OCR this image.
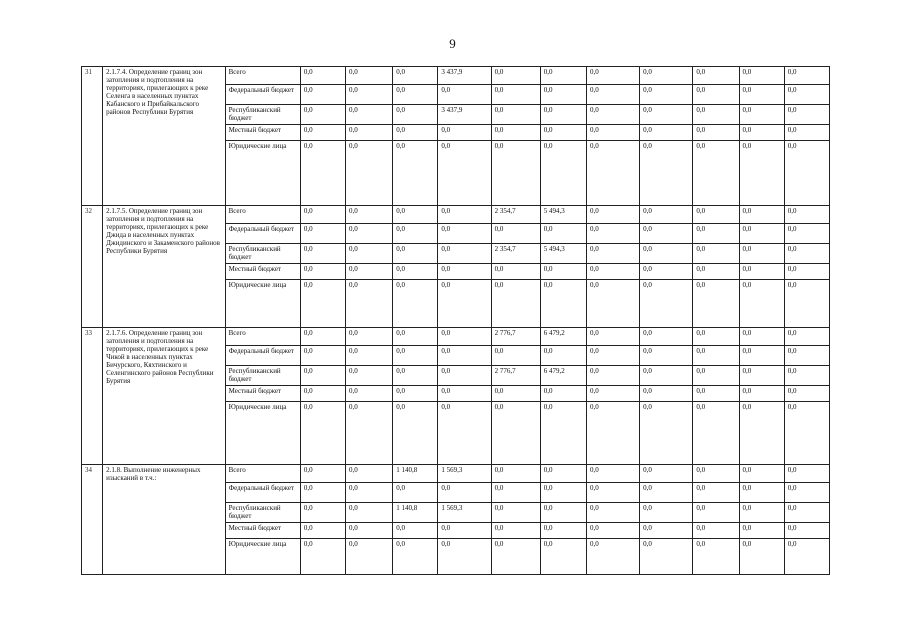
9
31	2.1.7.4. Определение границ зон затопления и подтопления на территориях, прилегающих к реке Селенга в населенных пунктах Кабанского и Прибайкальского районов Республики Бурятия	Всего	0,0	0,0	0,0	3 437,9	0,0	0,0	0,0	0,0	0,0	0,0	0,0
		Федеральный бюджет	0,0	0,0	0,0	0,0	0,0	0,0	0,0	0,0	0,0	0,0	0,0
		Республиканский бюджет	0,0	0,0	0,0	3 437,9	0,0	0,0	0,0	0,0	0,0	0,0	0,0
		Местный бюджет	0,0	0,0	0,0	0,0	0,0	0,0	0,0	0,0	0,0	0,0	0,0
		Юридические лица	0,0	0,0	0,0	0,0	0,0	0,0	0,0	0,0	0,0	0,0	0,0
32	2.1.7.5. Определение границ зон затопления и подтопления на территориях, прилегающих к реке Джида в населенных пунктах Джидинского и Закаменского районов Республики Бурятия	Всего	0,0	0,0	0,0	0,0	2 354,7	5 494,3	0,0	0,0	0,0	0,0	0,0
		Федеральный бюджет	0,0	0,0	0,0	0,0	0,0	0,0	0,0	0,0	0,0	0,0	0,0
		Республиканский бюджет	0,0	0,0	0,0	0,0	2 354,7	5 494,3	0,0	0,0	0,0	0,0	0,0
		Местный бюджет	0,0	0,0	0,0	0,0	0,0	0,0	0,0	0,0	0,0	0,0	0,0
		Юридические лица	0,0	0,0	0,0	0,0	0,0	0,0	0,0	0,0	0,0	0,0	0,0
33	2.1.7.6. Определение границ зон затопления и подтопления на территориях, прилегающих к реке Чикой в населенных пунктах Бичурского, Кяхтинского и Селенгинского районов Республики Бурятия	Всего	0,0	0,0	0,0	0,0	2 776,7	6 479,2	0,0	0,0	0,0	0,0	0,0
		Федеральный бюджет	0,0	0,0	0,0	0,0	0,0	0,0	0,0	0,0	0,0	0,0	0,0
		Республиканский бюджет	0,0	0,0	0,0	0,0	2 776,7	6 479,2	0,0	0,0	0,0	0,0	0,0
		Местный бюджет	0,0	0,0	0,0	0,0	0,0	0,0	0,0	0,0	0,0	0,0	0,0
		Юридические лица	0,0	0,0	0,0	0,0	0,0	0,0	0,0	0,0	0,0	0,0	0,0
34	2.1.8. Выполнение инженерных изысканий в т.ч.:	Всего	0,0	0,0	1 140,8	1 569,3	0,0	0,0	0,0	0,0	0,0	0,0	0,0
		Федеральный бюджет	0,0	0,0	0,0	0,0	0,0	0,0	0,0	0,0	0,0	0,0	0,0
		Республиканский бюджет	0,0	0,0	1 140,8	1 569,3	0,0	0,0	0,0	0,0	0,0	0,0	0,0
		Местный бюджет	0,0	0,0	0,0	0,0	0,0	0,0	0,0	0,0	0,0	0,0	0,0
		Юридические лица	0,0	0,0	0,0	0,0	0,0	0,0	0,0	0,0	0,0	0,0	0,0
